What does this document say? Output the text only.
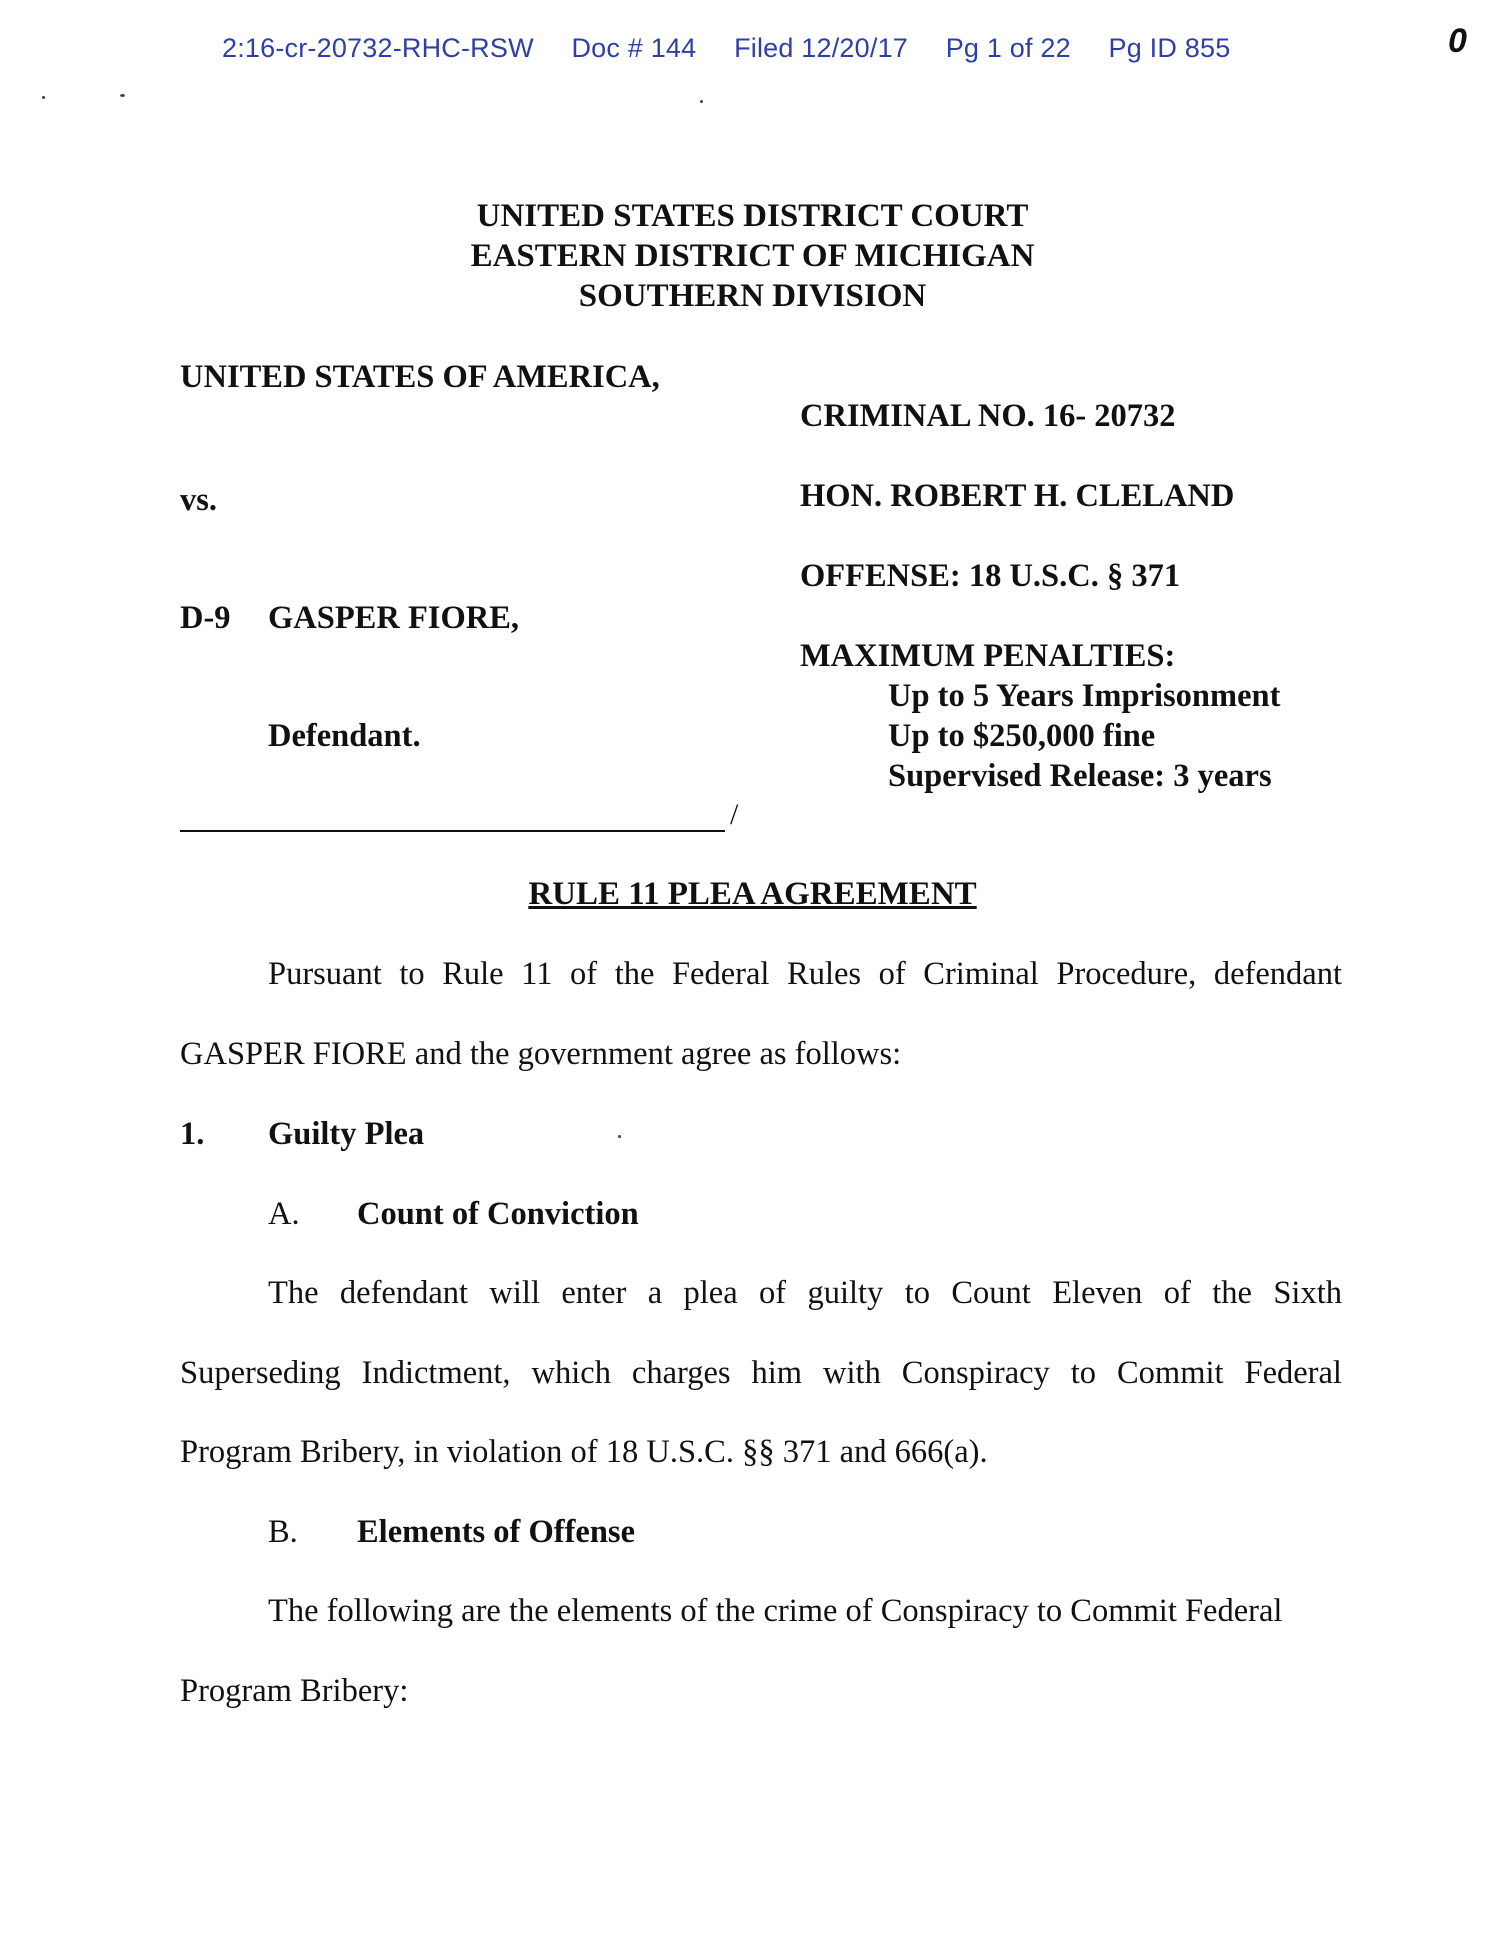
2:16-cr-20732-RHC-RSW Doc # 144 Filed 12/20/17 Pg 1 of 22 Pg ID 855	0
UNITED STATES DISTRICT COURT
EASTERN DISTRICT OF MICHIGAN
SOUTHERN DIVISION
UNITED STATES OF AMERICA,
vs.
D-9 GASPER FIORE,
Defendant.
/
CRIMINAL NO. 16- 20732
HON. ROBERT H. CLELAND
OFFENSE: 18 U.S.C. § 371
MAXIMUM PENALTIES:
Up to 5 Years Imprisonment
Up to $250,000 fine
Supervised Release: 3 years
RULE 11 PLEA AGREEMENT
Pursuant to Rule 11 of the Federal Rules of Criminal Procedure, defendant
GASPER FIORE and the government agree as follows:
1. Guilty Plea
A. Count of Conviction
The defendant will enter a plea of guilty to Count Eleven of the Sixth
Superseding Indictment, which charges him with Conspiracy to Commit Federal
Program Bribery, in violation of 18 U.S.C. §§ 371 and 666(a).
B. Elements of Offense
The following are the elements of the crime of Conspiracy to Commit Federal
Program Bribery:
